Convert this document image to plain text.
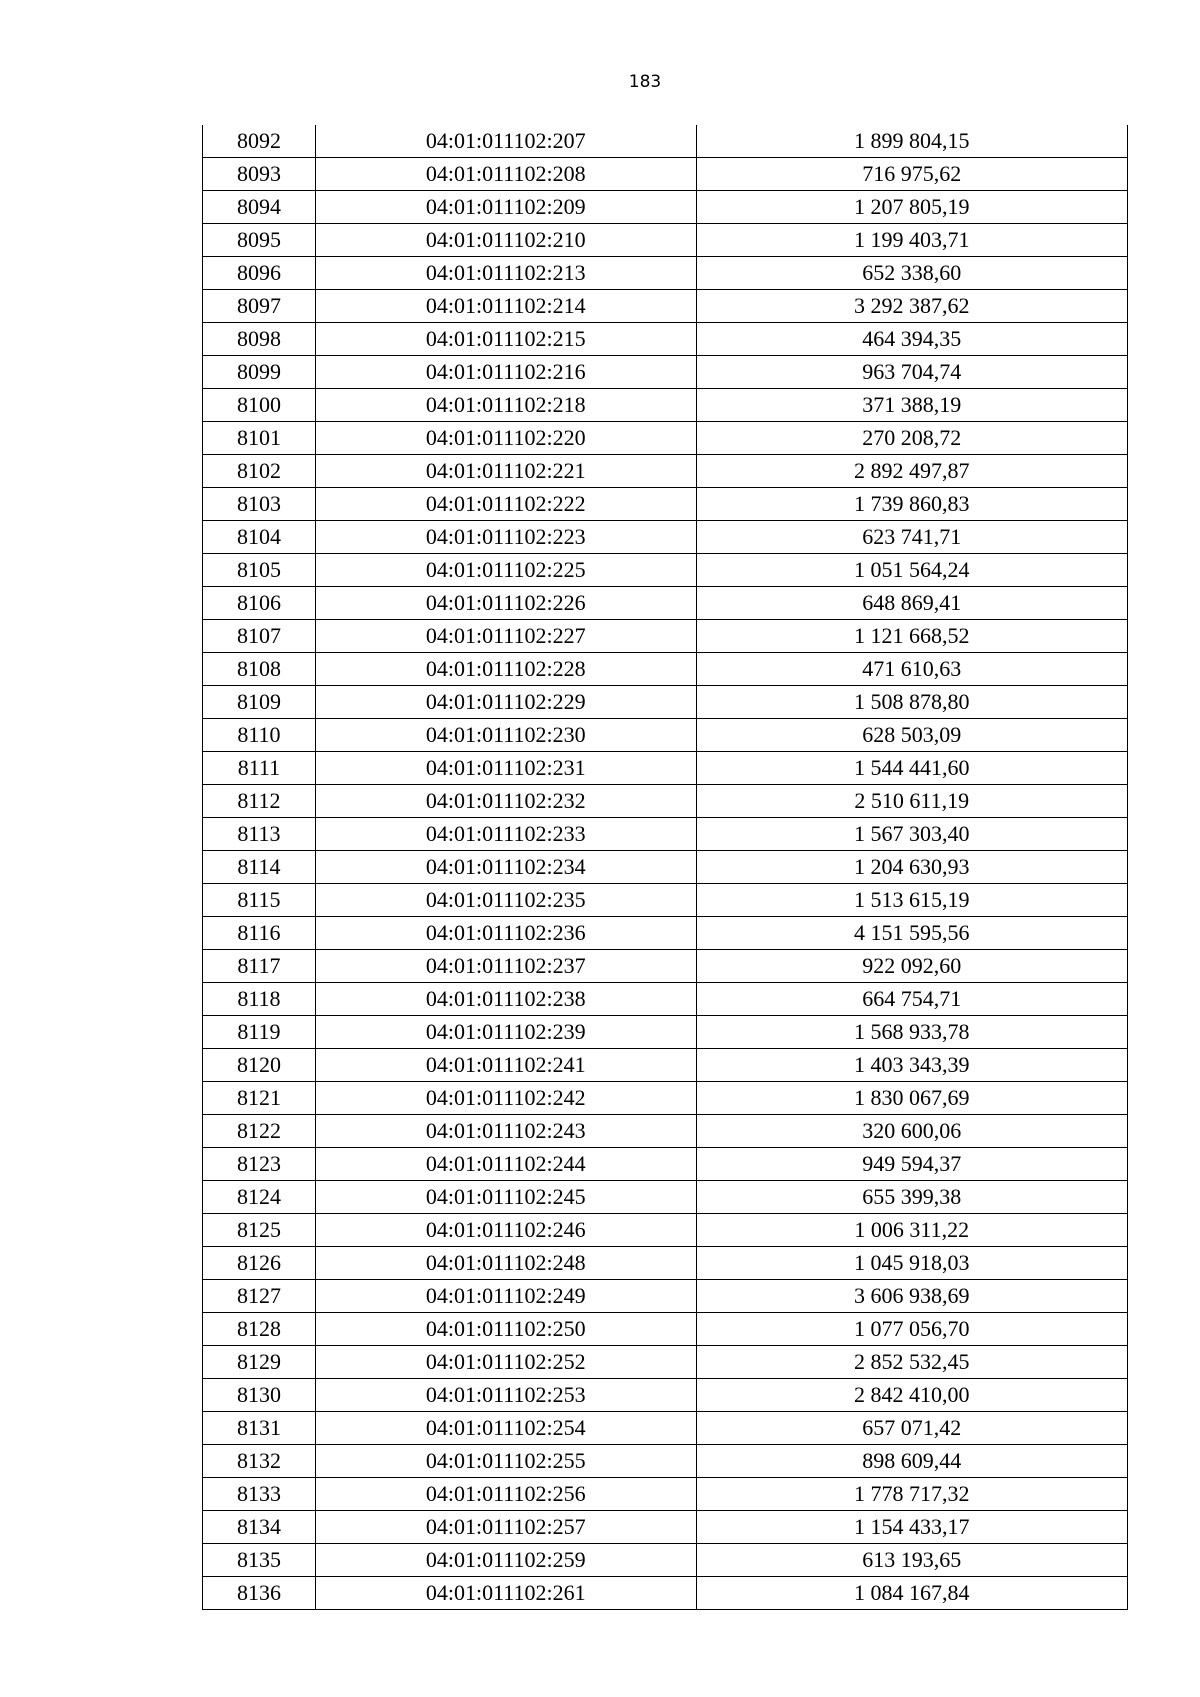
183
8092	04:01:011102:207	1 899 804,15
8093	04:01:011102:208	716 975,62
8094	04:01:011102:209	1 207 805,19
8095	04:01:011102:210	1 199 403,71
8096	04:01:011102:213	652 338,60
8097	04:01:011102:214	3 292 387,62
8098	04:01:011102:215	464 394,35
8099	04:01:011102:216	963 704,74
8100	04:01:011102:218	371 388,19
8101	04:01:011102:220	270 208,72
8102	04:01:011102:221	2 892 497,87
8103	04:01:011102:222	1 739 860,83
8104	04:01:011102:223	623 741,71
8105	04:01:011102:225	1 051 564,24
8106	04:01:011102:226	648 869,41
8107	04:01:011102:227	1 121 668,52
8108	04:01:011102:228	471 610,63
8109	04:01:011102:229	1 508 878,80
8110	04:01:011102:230	628 503,09
8111	04:01:011102:231	1 544 441,60
8112	04:01:011102:232	2 510 611,19
8113	04:01:011102:233	1 567 303,40
8114	04:01:011102:234	1 204 630,93
8115	04:01:011102:235	1 513 615,19
8116	04:01:011102:236	4 151 595,56
8117	04:01:011102:237	922 092,60
8118	04:01:011102:238	664 754,71
8119	04:01:011102:239	1 568 933,78
8120	04:01:011102:241	1 403 343,39
8121	04:01:011102:242	1 830 067,69
8122	04:01:011102:243	320 600,06
8123	04:01:011102:244	949 594,37
8124	04:01:011102:245	655 399,38
8125	04:01:011102:246	1 006 311,22
8126	04:01:011102:248	1 045 918,03
8127	04:01:011102:249	3 606 938,69
8128	04:01:011102:250	1 077 056,70
8129	04:01:011102:252	2 852 532,45
8130	04:01:011102:253	2 842 410,00
8131	04:01:011102:254	657 071,42
8132	04:01:011102:255	898 609,44
8133	04:01:011102:256	1 778 717,32
8134	04:01:011102:257	1 154 433,17
8135	04:01:011102:259	613 193,65
8136	04:01:011102:261	1 084 167,84
